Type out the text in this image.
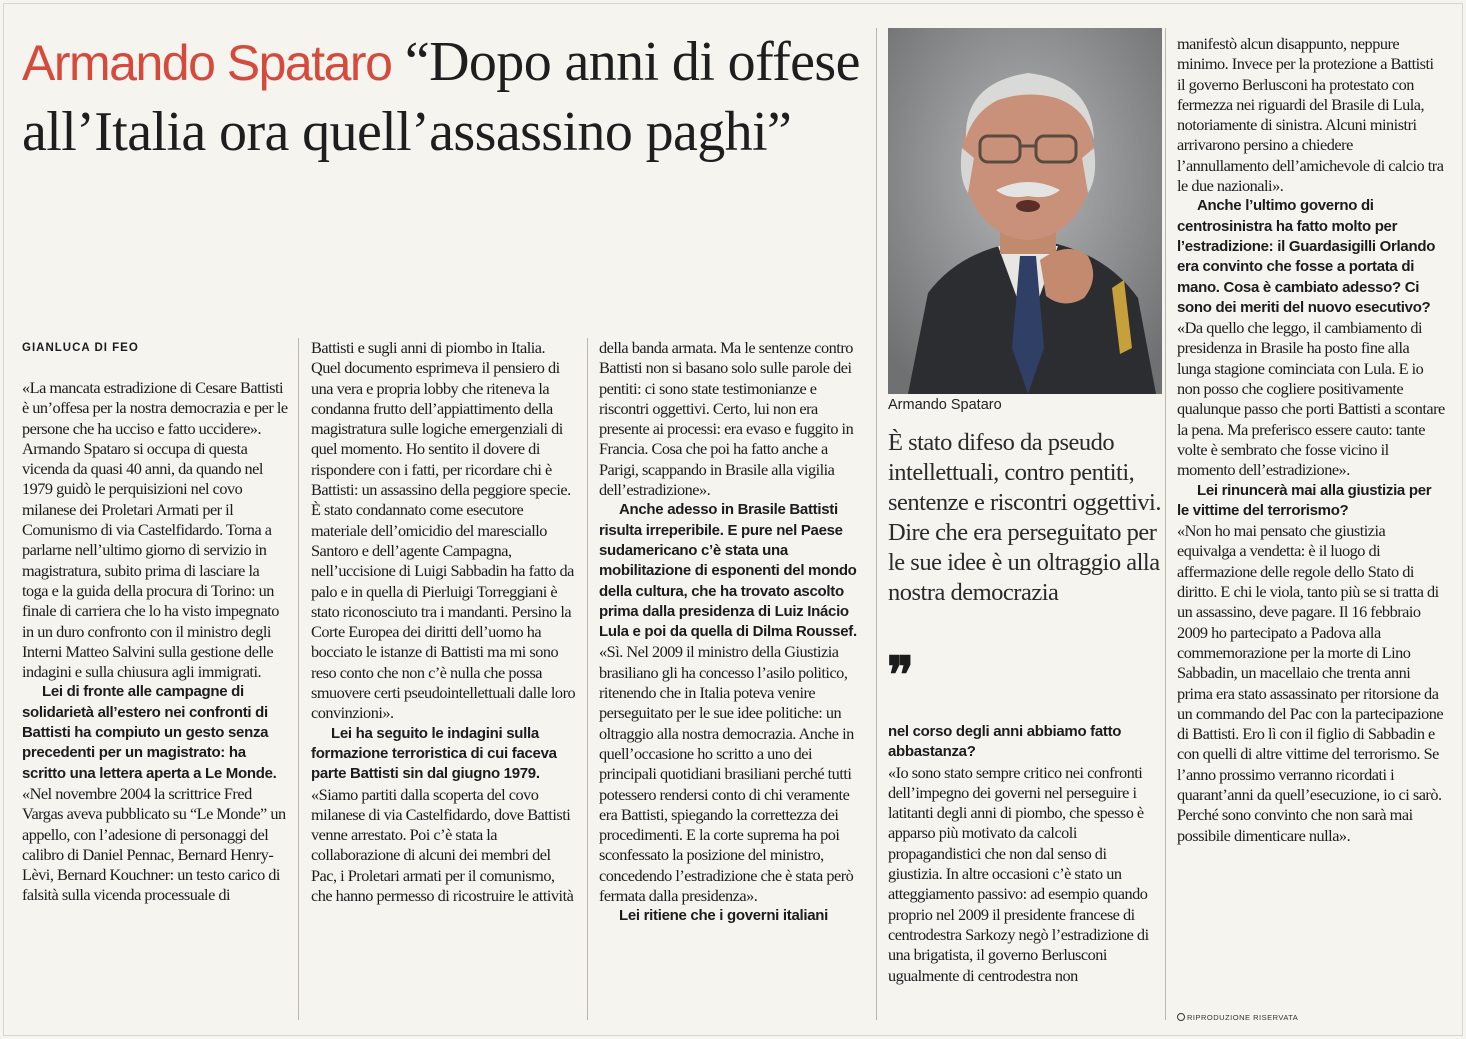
Armando Spataro “Dopo anni di offese all’Italia ora quell’assassino paghi”

GIANLUCA DI FEO

«La mancata estradizione di Cesare Battisti è un’offesa per la nostra democrazia e per le persone che ha ucciso e fatto uccidere». Armando Spataro si occupa di questa vicenda da quasi 40 anni, da quando nel 1979 guidò le perquisizioni nel covo milanese dei Proletari Armati per il Comunismo di via Castelfidardo. Torna a parlarne nell’ultimo giorno di servizio in magistratura, subito prima di lasciare la toga e la guida della procura di Torino: un finale di carriera che lo ha visto impegnato in un duro confronto con il ministro degli Interni Matteo Salvini sulla gestione delle indagini e sulla chiusura agli immigrati.

Lei di fronte alle campagne di solidarietà all’estero nei confronti di Battisti ha compiuto un gesto senza precedenti per un magistrato: ha scritto una lettera aperta a Le Monde.

«Nel novembre 2004 la scrittrice Fred Vargas aveva pubblicato su “Le Monde” un appello, con l’adesione di personaggi del calibro di Daniel Pennac, Bernard Henry-Lèvi, Bernard Kouchner: un testo carico di falsità sulla vicenda processuale di

Battisti e sugli anni di piombo in Italia. Quel documento esprimeva il pensiero di una vera e propria lobby che riteneva la condanna frutto dell’appiattimento della magistratura sulle logiche emergenziali di quel momento. Ho sentito il dovere di rispondere con i fatti, per ricordare chi è Battisti: un assassino della peggiore specie. È stato condannato come esecutore materiale dell’omicidio del maresciallo Santoro e dell’agente Campagna, nell’uccisione di Luigi Sabbadin ha fatto da palo e in quella di Pierluigi Torreggiani è stato riconosciuto tra i mandanti. Persino la Corte Europea dei diritti dell’uomo ha bocciato le istanze di Battisti ma mi sono reso conto che non c’è nulla che possa smuovere certi pseudointellettuali dalle loro convinzioni».

Lei ha seguito le indagini sulla formazione terroristica di cui faceva parte Battisti sin dal giugno 1979.

«Siamo partiti dalla scoperta del covo milanese di via Castelfidardo, dove Battisti venne arrestato. Poi c’è stata la collaborazione di alcuni dei membri del Pac, i Proletari armati per il comunismo, che hanno permesso di ricostruire le attività

della banda armata. Ma le sentenze contro Battisti non si basano solo sulle parole dei pentiti: ci sono state testimonianze e riscontri oggettivi. Certo, lui non era presente ai processi: era evaso e fuggito in Francia. Cosa che poi ha fatto anche a Parigi, scappando in Brasile alla vigilia dell’estradizione».

Anche adesso in Brasile Battisti risulta irreperibile. E pure nel Paese sudamericano c’è stata una mobilitazione di esponenti del mondo della cultura, che ha trovato ascolto prima dalla presidenza di Luiz Inácio Lula e poi da quella di Dilma Roussef.

«Sì. Nel 2009 il ministro della Giustizia brasiliano gli ha concesso l’asilo politico, ritenendo che in Italia poteva venire perseguitato per le sue idee politiche: un oltraggio alla nostra democrazia. Anche in quell’occasione ho scritto a uno dei principali quotidiani brasiliani perché tutti potessero rendersi conto di chi veramente era Battisti, spiegando la correttezza dei procedimenti. E la corte suprema ha poi sconfessato la posizione del ministro, concedendo l’estradizione che è stata però fermata dalla presidenza».

Lei ritiene che i governi italiani

Armando Spataro
È stato difeso da pseudo intellettuali, contro pentiti, sentenze e riscontri oggettivi. Dire che era perseguitato per le sue idee è un oltraggio alla nostra democrazia
❞

nel corso degli anni abbiamo fatto abbastanza?

«Io sono stato sempre critico nei confronti dell’impegno dei governi nel perseguire i latitanti degli anni di piombo, che spesso è apparso più motivato da calcoli propagandistici che non dal senso di giustizia. In altre occasioni c’è stato un atteggiamento passivo: ad esempio quando proprio nel 2009 il presidente francese di centrodestra Sarkozy negò l’estradizione di una brigatista, il governo Berlusconi ugualmente di centrodestra non

manifestò alcun disappunto, neppure minimo. Invece per la protezione a Battisti il governo Berlusconi ha protestato con fermezza nei riguardi del Brasile di Lula, notoriamente di sinistra. Alcuni ministri arrivarono persino a chiedere l’annullamento dell’amichevole di calcio tra le due nazionali».

Anche l’ultimo governo di centrosinistra ha fatto molto per l’estradizione: il Guardasigilli Orlando era convinto che fosse a portata di mano. Cosa è cambiato adesso? Ci sono dei meriti del nuovo esecutivo?

«Da quello che leggo, il cambiamento di presidenza in Brasile ha posto fine alla lunga stagione cominciata con Lula. E io non posso che cogliere positivamente qualunque passo che porti Battisti a scontare la pena. Ma preferisco essere cauto: tante volte è sembrato che fosse vicino il momento dell’estradizione».

Lei rinuncerà mai alla giustizia per le vittime del terrorismo?

«Non ho mai pensato che giustizia equivalga a vendetta: è il luogo di affermazione delle regole dello Stato di diritto. E chi le viola, tanto più se si tratta di un assassino, deve pagare. Il 16 febbraio 2009 ho partecipato a Padova alla commemorazione per la morte di Lino Sabbadin, un macellaio che trenta anni prima era stato assassinato per ritorsione da un commando del Pac con la partecipazione di Battisti. Ero lì con il figlio di Sabbadin e con quelli di altre vittime del terrorismo. Se l’anno prossimo verranno ricordati i quarant’anni da quell’esecuzione, io ci sarò. Perché sono convinto che non sarà mai possibile dimenticare nulla».

RIPRODUZIONE RISERVATA
